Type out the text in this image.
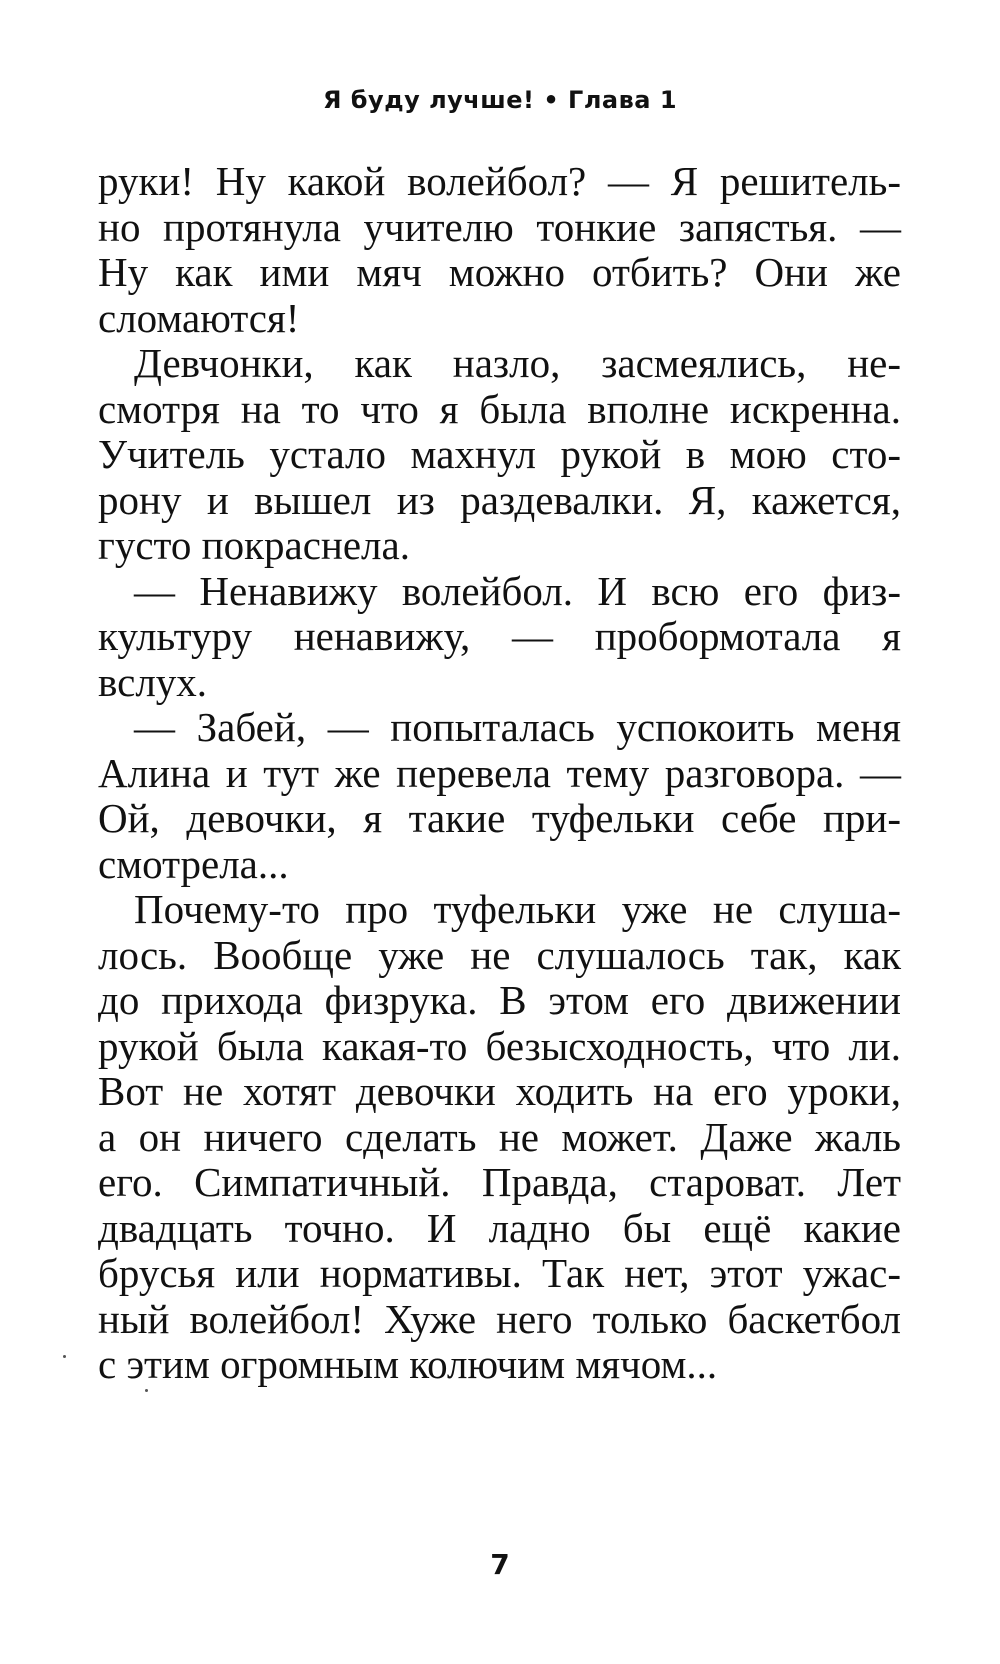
Я буду лучше! • Глава 1
руки! Ну какой волейбол? — Я решитель-
но протянула учителю тонкие запястья. —
Ну как ими мяч можно отбить? Они же
сломаются!
Девчонки, как назло, засмеялись, не-
смотря на то что я была вполне искренна.
Учитель устало махнул рукой в мою сто-
рону и вышел из раздевалки. Я, кажется,
густо покраснела.
— Ненавижу волейбол. И всю его физ-
культуру ненавижу, — пробормотала я
вслух.
— Забей, — попыталась успокоить меня
Алина и тут же перевела тему разговора. —
Ой, девочки, я такие туфельки себе при-
смотрела...
Почему-то про туфельки уже не слуша-
лось. Вообще уже не слушалось так, как
до прихода физрука. В этом его движении
рукой была какая-то безысходность, что ли.
Вот не хотят девочки ходить на его уроки,
а он ничего сделать не может. Даже жаль
его. Симпатичный. Правда, староват. Лет
двадцать точно. И ладно бы ещё какие
брусья или нормативы. Так нет, этот ужас-
ный волейбол! Хуже него только баскетбол
с этим огромным колючим мячом...
7
